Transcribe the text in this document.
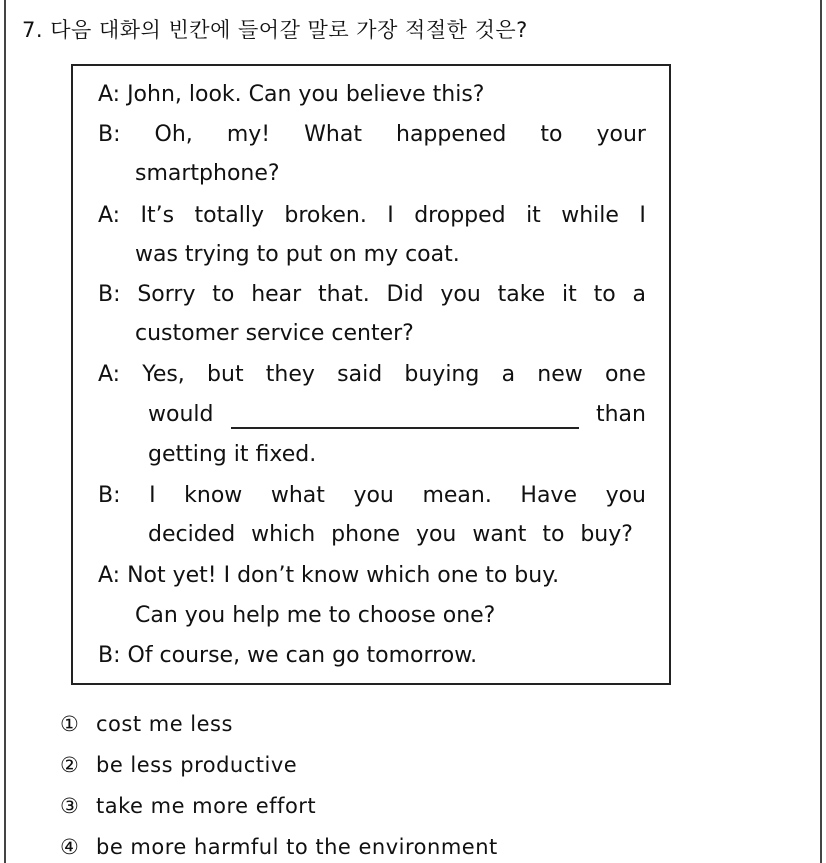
7. 다음 대화의 빈칸에 들어갈 말로 가장 적절한 것은?
A: John, look. Can you believe this?
B: Oh, my! What happened to your
smartphone?
A: It’s totally broken. I dropped it while I
was trying to put on my coat.
B: Sorry to hear that. Did you take it to a
customer service center?
A: Yes, but they said buying a new one
would	than
getting it fixed.
B: I know what you mean. Have you
decided which phone you want to buy?
A: Not yet! I don’t know which one to buy.
Can you help me to choose one?
B: Of course, we can go tomorrow.
① cost me less
② be less productive
③ take me more effort
④ be more harmful to the environment
